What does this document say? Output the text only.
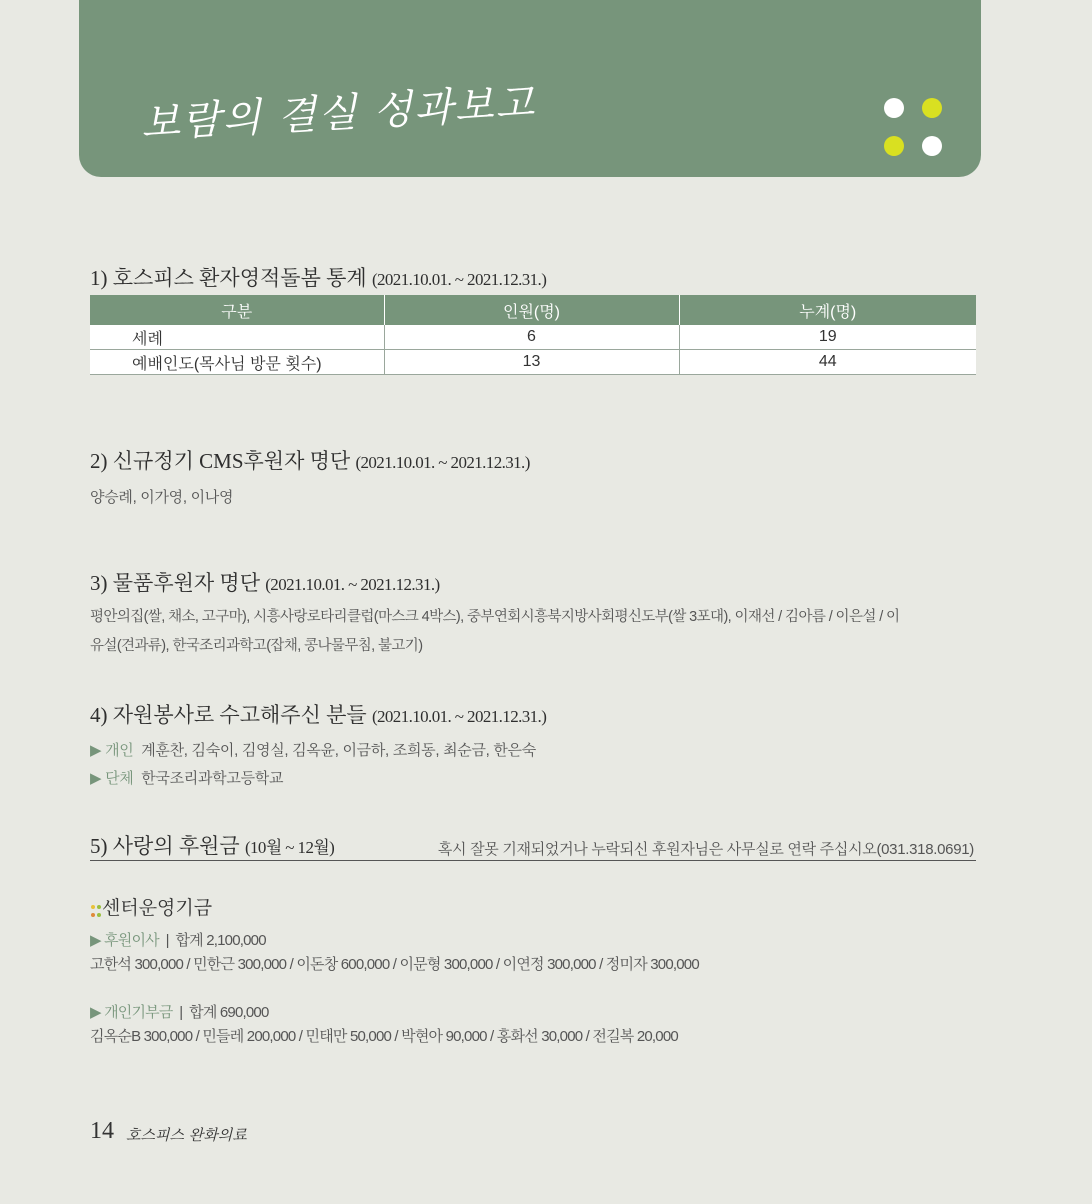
보람의 결실 성과보고
1) 호스피스 환자영적돌봄 통계 (2021.10.01. ~ 2021.12.31.)
구분	인원(명)	누계(명)
세례	6	19
예배인도(목사님 방문 횟수)	13	44
2) 신규정기 CMS후원자 명단 (2021.10.01. ~ 2021.12.31.)
양승례, 이가영, 이나영
3) 물품후원자 명단 (2021.10.01. ~ 2021.12.31.)
평안의집(쌀, 채소, 고구마), 시흥사랑로타리클럽(마스크 4박스), 중부연회시흥북지방사회평신도부(쌀 3포대), 이재선 / 김아름 / 이은설 / 이
유설(견과류), 한국조리과학고(잡채, 콩나물무침, 불고기)
4) 자원봉사로 수고해주신 분들 (2021.10.01. ~ 2021.12.31.)
▶ 개인 계훈찬, 김숙이, 김영실, 김옥윤, 이금하, 조희동, 최순금, 한은숙
▶ 단체 한국조리과학고등학교
5) 사랑의 후원금 (10월 ~ 12월)	혹시 잘못 기재되었거나 누락되신 후원자님은 사무실로 연락 주십시오(031.318.0691)

센터운영기금
▶ 후원이사  |  합계 2,100,000
고한석 300,000 / 민한근 300,000 / 이돈창 600,000 / 이문형 300,000 / 이연정 300,000 / 정미자 300,000
▶ 개인기부금  |  합계 690,000
김옥순B 300,000 / 민들레 200,000 / 민태만 50,000 / 박현아 90,000 / 홍화선 30,000 / 전길복 20,000
14 호스피스 완화의료
